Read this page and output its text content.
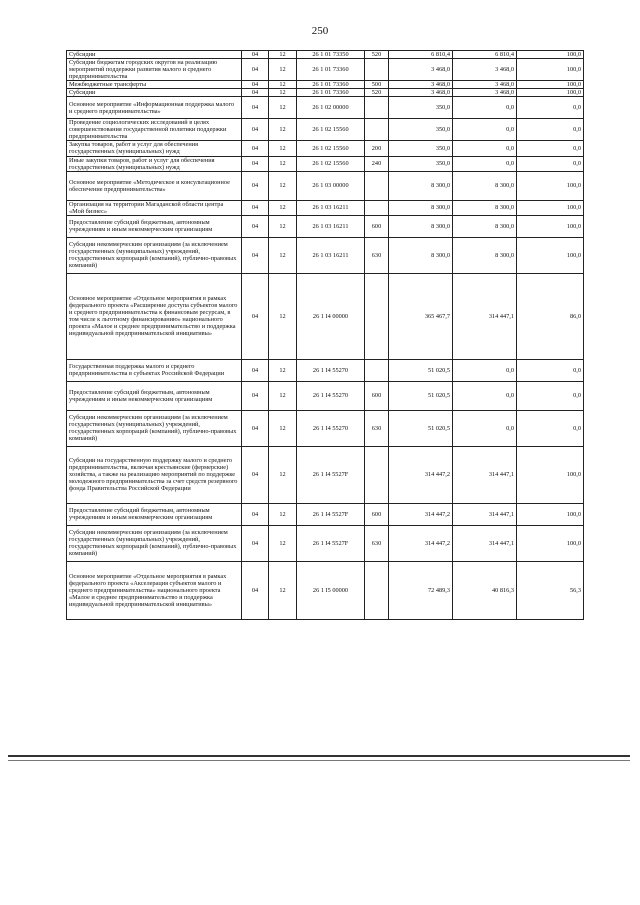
250
Субсидии	04	12	26 1 01 73350	520	6 810,4	6 810,4	100,0
Субсидии бюджетам городских округов на реализацию мероприятий поддержки развития малого и среднего предпринимательства	04	12	26 1 01 73360		3 468,0	3 468,0	100,0
Межбюджетные трансферты	04	12	26 1 01 73360	500	3 468,0	3 468,0	100,0
Субсидии	04	12	26 1 01 73360	520	3 468,0	3 468,0	100,0
Основное мероприятие «Информационная поддержка малого и среднего предпринимательства»	04	12	26 1 02 00000		350,0	0,0	0,0
Проведение социологических исследований в целях совершенствования государственной политики поддержки предпринимательства	04	12	26 1 02 15560		350,0	0,0	0,0
Закупка товаров, работ и услуг для обеспечения государственных (муниципальных) нужд	04	12	26 1 02 15560	200	350,0	0,0	0,0
Иные закупки товаров, работ и услуг для обеспечения государственных (муниципальных) нужд	04	12	26 1 02 15560	240	350,0	0,0	0,0
Основное мероприятие «Методическое и консультационное обеспечение предпринимательства»	04	12	26 1 03 00000		8 300,0	8 300,0	100,0
Организация на территории Магаданской области центра «Мой бизнес»	04	12	26 1 03 16211		8 300,0	8 300,0	100,0
Предоставление субсидий бюджетным, автономным учреждениям и иным некоммерческим организациям	04	12	26 1 03 16211	600	8 300,0	8 300,0	100,0
Субсидии некоммерческим организациям (за исключением государственных (муниципальных) учреждений, государственных корпораций (компаний), публично-правовых компаний)	04	12	26 1 03 16211	630	8 300,0	8 300,0	100,0
Основное мероприятие «Отдельное мероприятия в рамках федерального проекта «Расширение доступа субъектов малого и среднего предпринимательства к финансовым ресурсам, в том числе к льготному финансированию» национального проекта «Малое и среднее предпринимательство и поддержка индивидуальной предпринимательской инициативы»	04	12	26 1 I4 00000		365 467,7	314 447,1	86,0
Государственная поддержка малого и среднего предпринимательства в субъектах Российской Федерации	04	12	26 1 I4 55270		51 020,5	0,0	0,0
Предоставление субсидий бюджетным, автономным учреждениям и иным некоммерческим организациям	04	12	26 1 I4 55270	600	51 020,5	0,0	0,0
Субсидии некоммерческим организациям (за исключением государственных (муниципальных) учреждений, государственных корпораций (компаний), публично-правовых компаний)	04	12	26 1 I4 55270	630	51 020,5	0,0	0,0
Субсидии на государственную поддержку малого и среднего предпринимательства, включая крестьянские (фермерские) хозяйства, а также на реализацию мероприятий по поддержке молодежного предпринимательства за счет средств резервного фонда Правительства Российской Федерации	04	12	26 1 I4 5527F		314 447,2	314 447,1	100,0
Предоставление субсидий бюджетным, автономным учреждениям и иным некоммерческим организациям	04	12	26 1 I4 5527F	600	314 447,2	314 447,1	100,0
Субсидии некоммерческим организациям (за исключением государственных (муниципальных) учреждений, государственных корпораций (компаний), публично-правовых компаний)	04	12	26 1 I4 5527F	630	314 447,2	314 447,1	100,0
Основное мероприятие «Отдельное мероприятия в рамках федерального проекта «Акселерация субъектов малого и среднего предпринимательства» национального проекта «Малое и среднее предпринимательство и поддержка индивидуальной предпринимательской инициативы»	04	12	26 1 I5 00000		72 489,3	40 816,3	56,3
